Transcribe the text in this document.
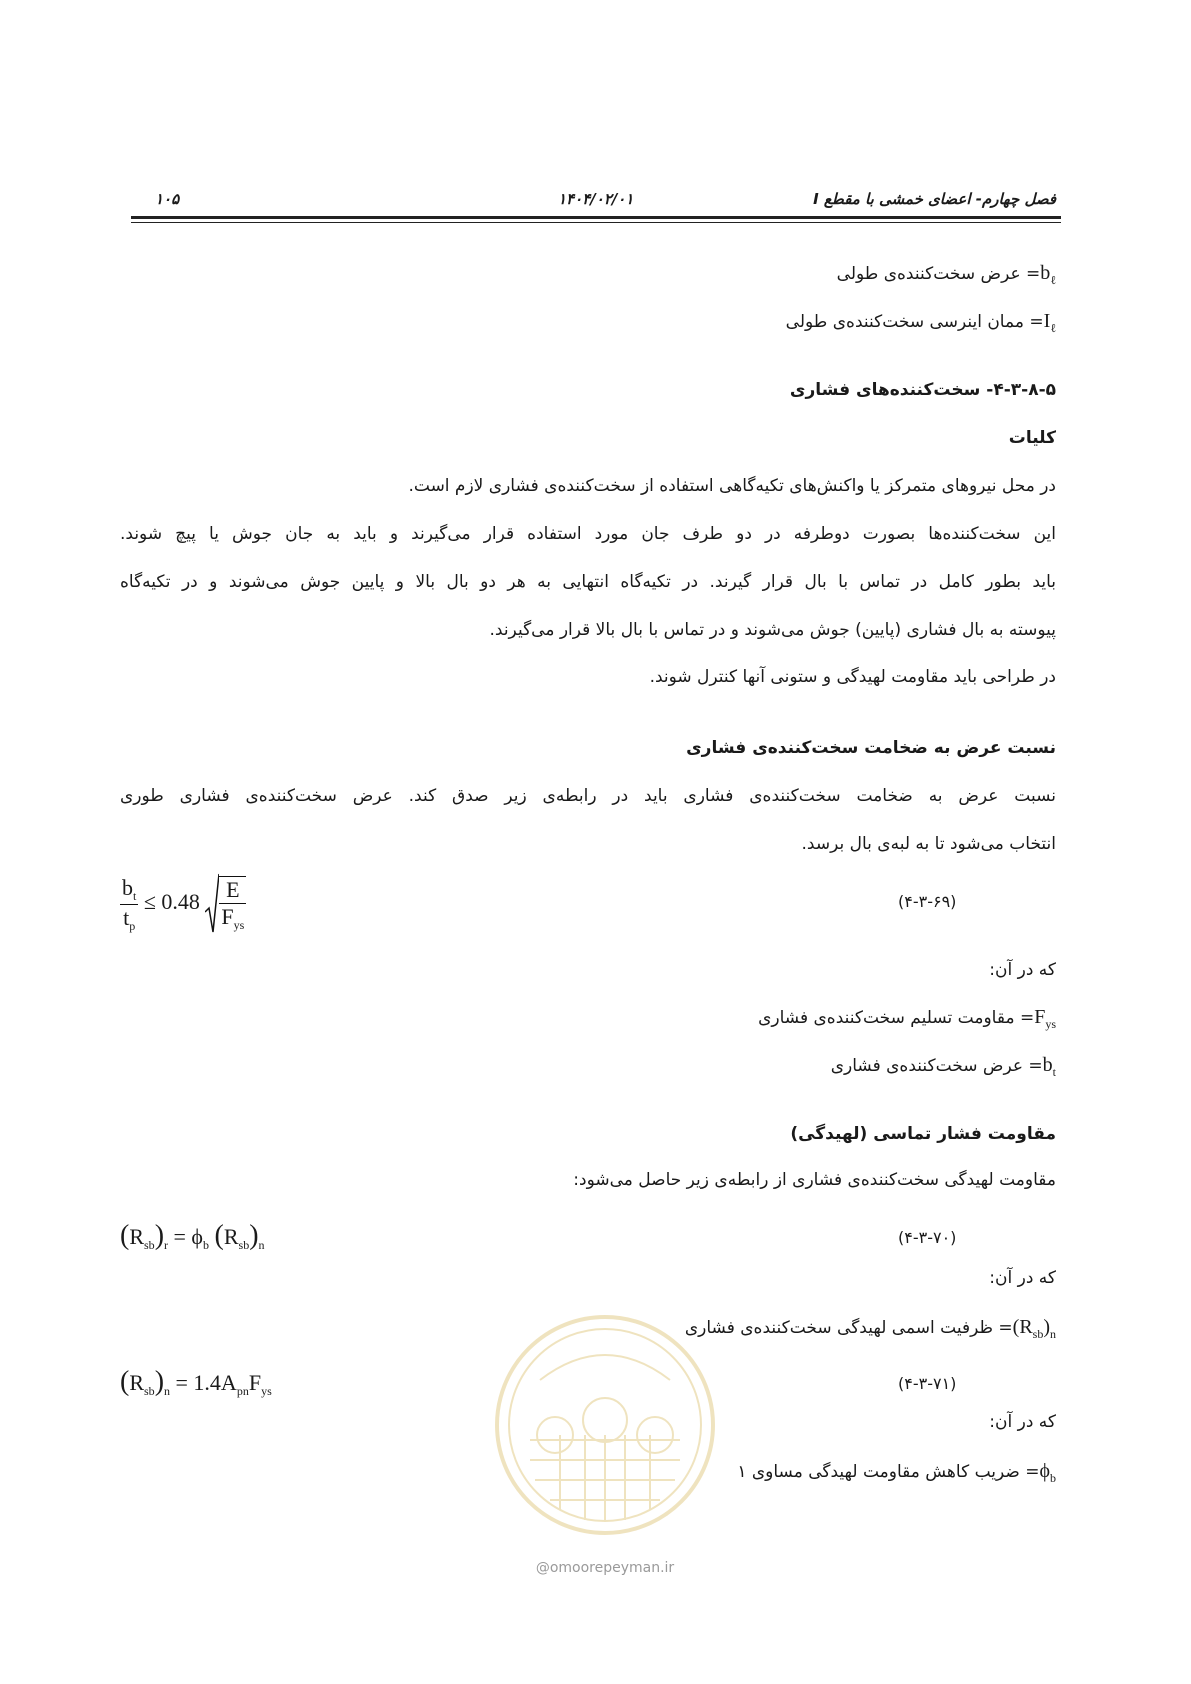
فصل چهارم- اعضای خمشی با مقطع I
۱۴۰۴/۰۲/۰۱
۱۰۵
$b_\ell=$ عرض سخت‌کننده‌ی طولی
$I_\ell=$ ممان اینرسی سخت‌کننده‌ی طولی
۴-۳-۸-۵- سخت‌کننده‌های فشاری
کلیات
در محل نیروهای متمرکز یا واکنش‌های تکیه‌گاهی استفاده از سخت‌کننده‌ی فشاری لازم است.
این سخت‌کننده‌ها بصورت دوطرفه در دو طرف جان مورد استفاده قرار می‌گیرند و باید به جان جوش یا پیچ شوند.
باید بطور کامل در تماس با بال قرار گیرند. در تکیه‌گاه انتهایی به هر دو بال بالا و پایین جوش می‌شوند و در تکیه‌گاه
پیوسته به بال فشاری (پایین) جوش می‌شوند و در تماس با بال بالا قرار می‌گیرند.
در طراحی باید مقاومت لهیدگی و ستونی آنها کنترل شوند.
نسبت عرض به ضخامت سخت‌کننده‌ی فشاری
نسبت عرض به ضخامت سخت‌کننده‌ی فشاری باید در رابطه‌ی زیر صدق کند. عرض سخت‌کننده‌ی فشاری طوری
انتخاب می‌شود تا به لبه‌ی بال برسد.
$\frac{b_t}{t_p} \le 0.48 \frac{E}{F_{ys}}$	(۴-۳-۶۹)
که در آن:
$F_{ys}=$ مقاومت تسلیم سخت‌کننده‌ی فشاری
$b_t=$ عرض سخت‌کننده‌ی فشاری
مقاومت فشار تماسی (لهیدگی)
مقاومت لهیدگی سخت‌کننده‌ی فشاری از رابطه‌ی زیر حاصل می‌شود:
$(R_{sb})_r = \phi_b$ $(R_{sb})_n$	(۴-۳-۷۰)
که در آن:
$(R_{sb})_n=$ ظرفیت اسمی لهیدگی سخت‌کننده‌ی فشاری
$(R_{sb})_n = 1.4A_{pn}F_{ys}$	(۴-۳-۷۱)
که در آن:
$\phi_b=$ ضریب کاهش مقاومت لهیدگی مساوی ۱
@omoorepeyman.ir
